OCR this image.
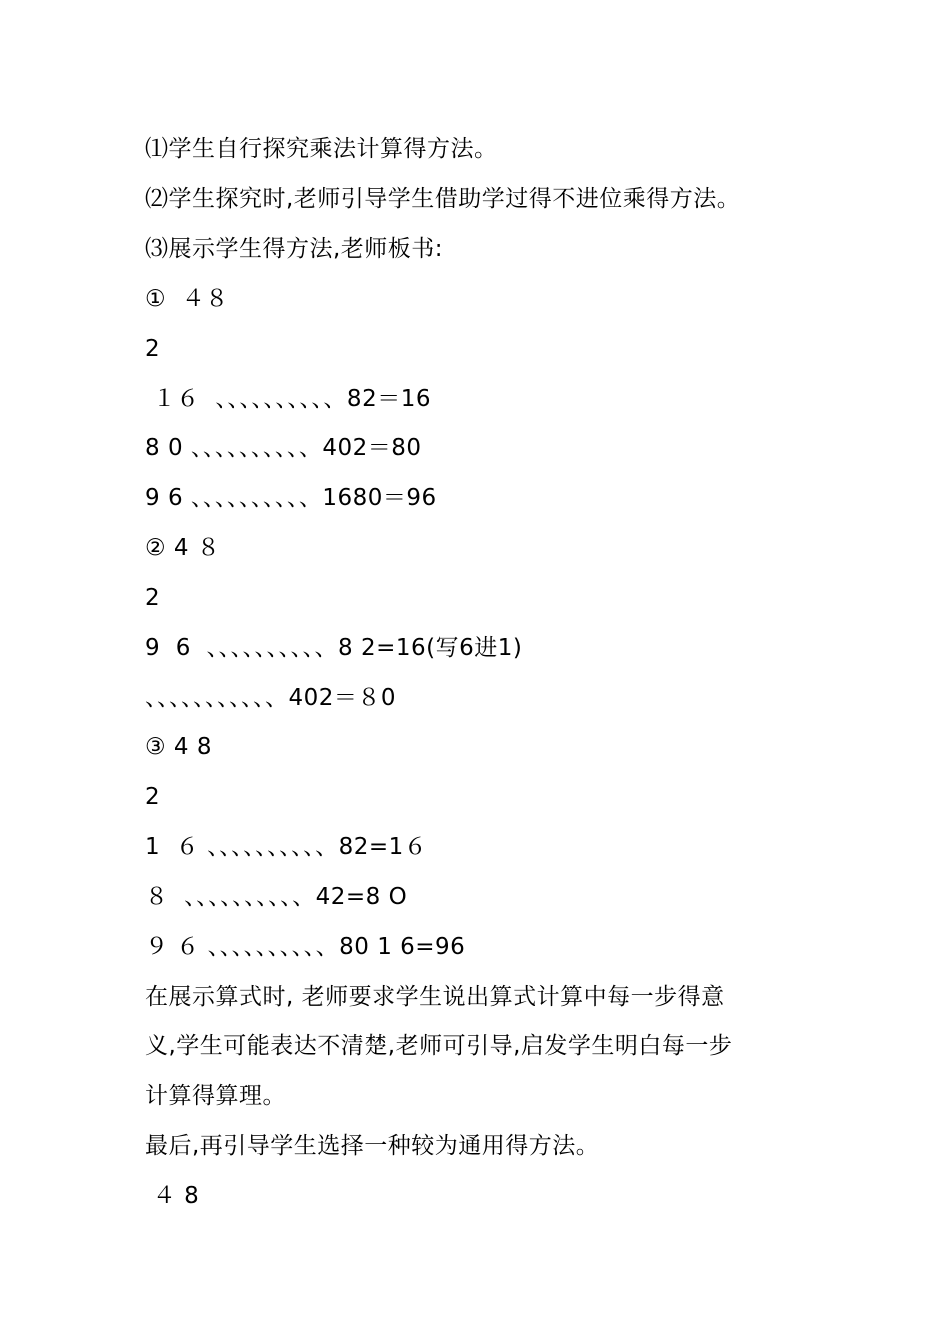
⑴学生自行探究乘法计算得方法。
⑵学生探究时,老师引导学生借助学过得不进位乘得方法。
⑶展示学生得方法,老师板书:
①  ４８
2
１６  、、、、、、、、、、82＝16
8 0 、、、、、、、、、、402＝80
9 6 、、、、、、、、、、1680＝96
② 4 ８
2
9  6  、、、、、、、、、、8 2=16(写6进1)
、、、、、、、、、、、402＝８0
③ 4 8
2
1  ６ 、、、、、、、、、、82=1６
８  、、、、、、、、、、42=8 O
９ ６ 、、、、、、、、、、80 1 6=96
在展示算式时, 老师要求学生说出算式计算中每一步得意
义,学生可能表达不清楚,老师可引导,启发学生明白每一步
计算得算理。
最后,再引导学生选择一种较为通用得方法。
４ 8
